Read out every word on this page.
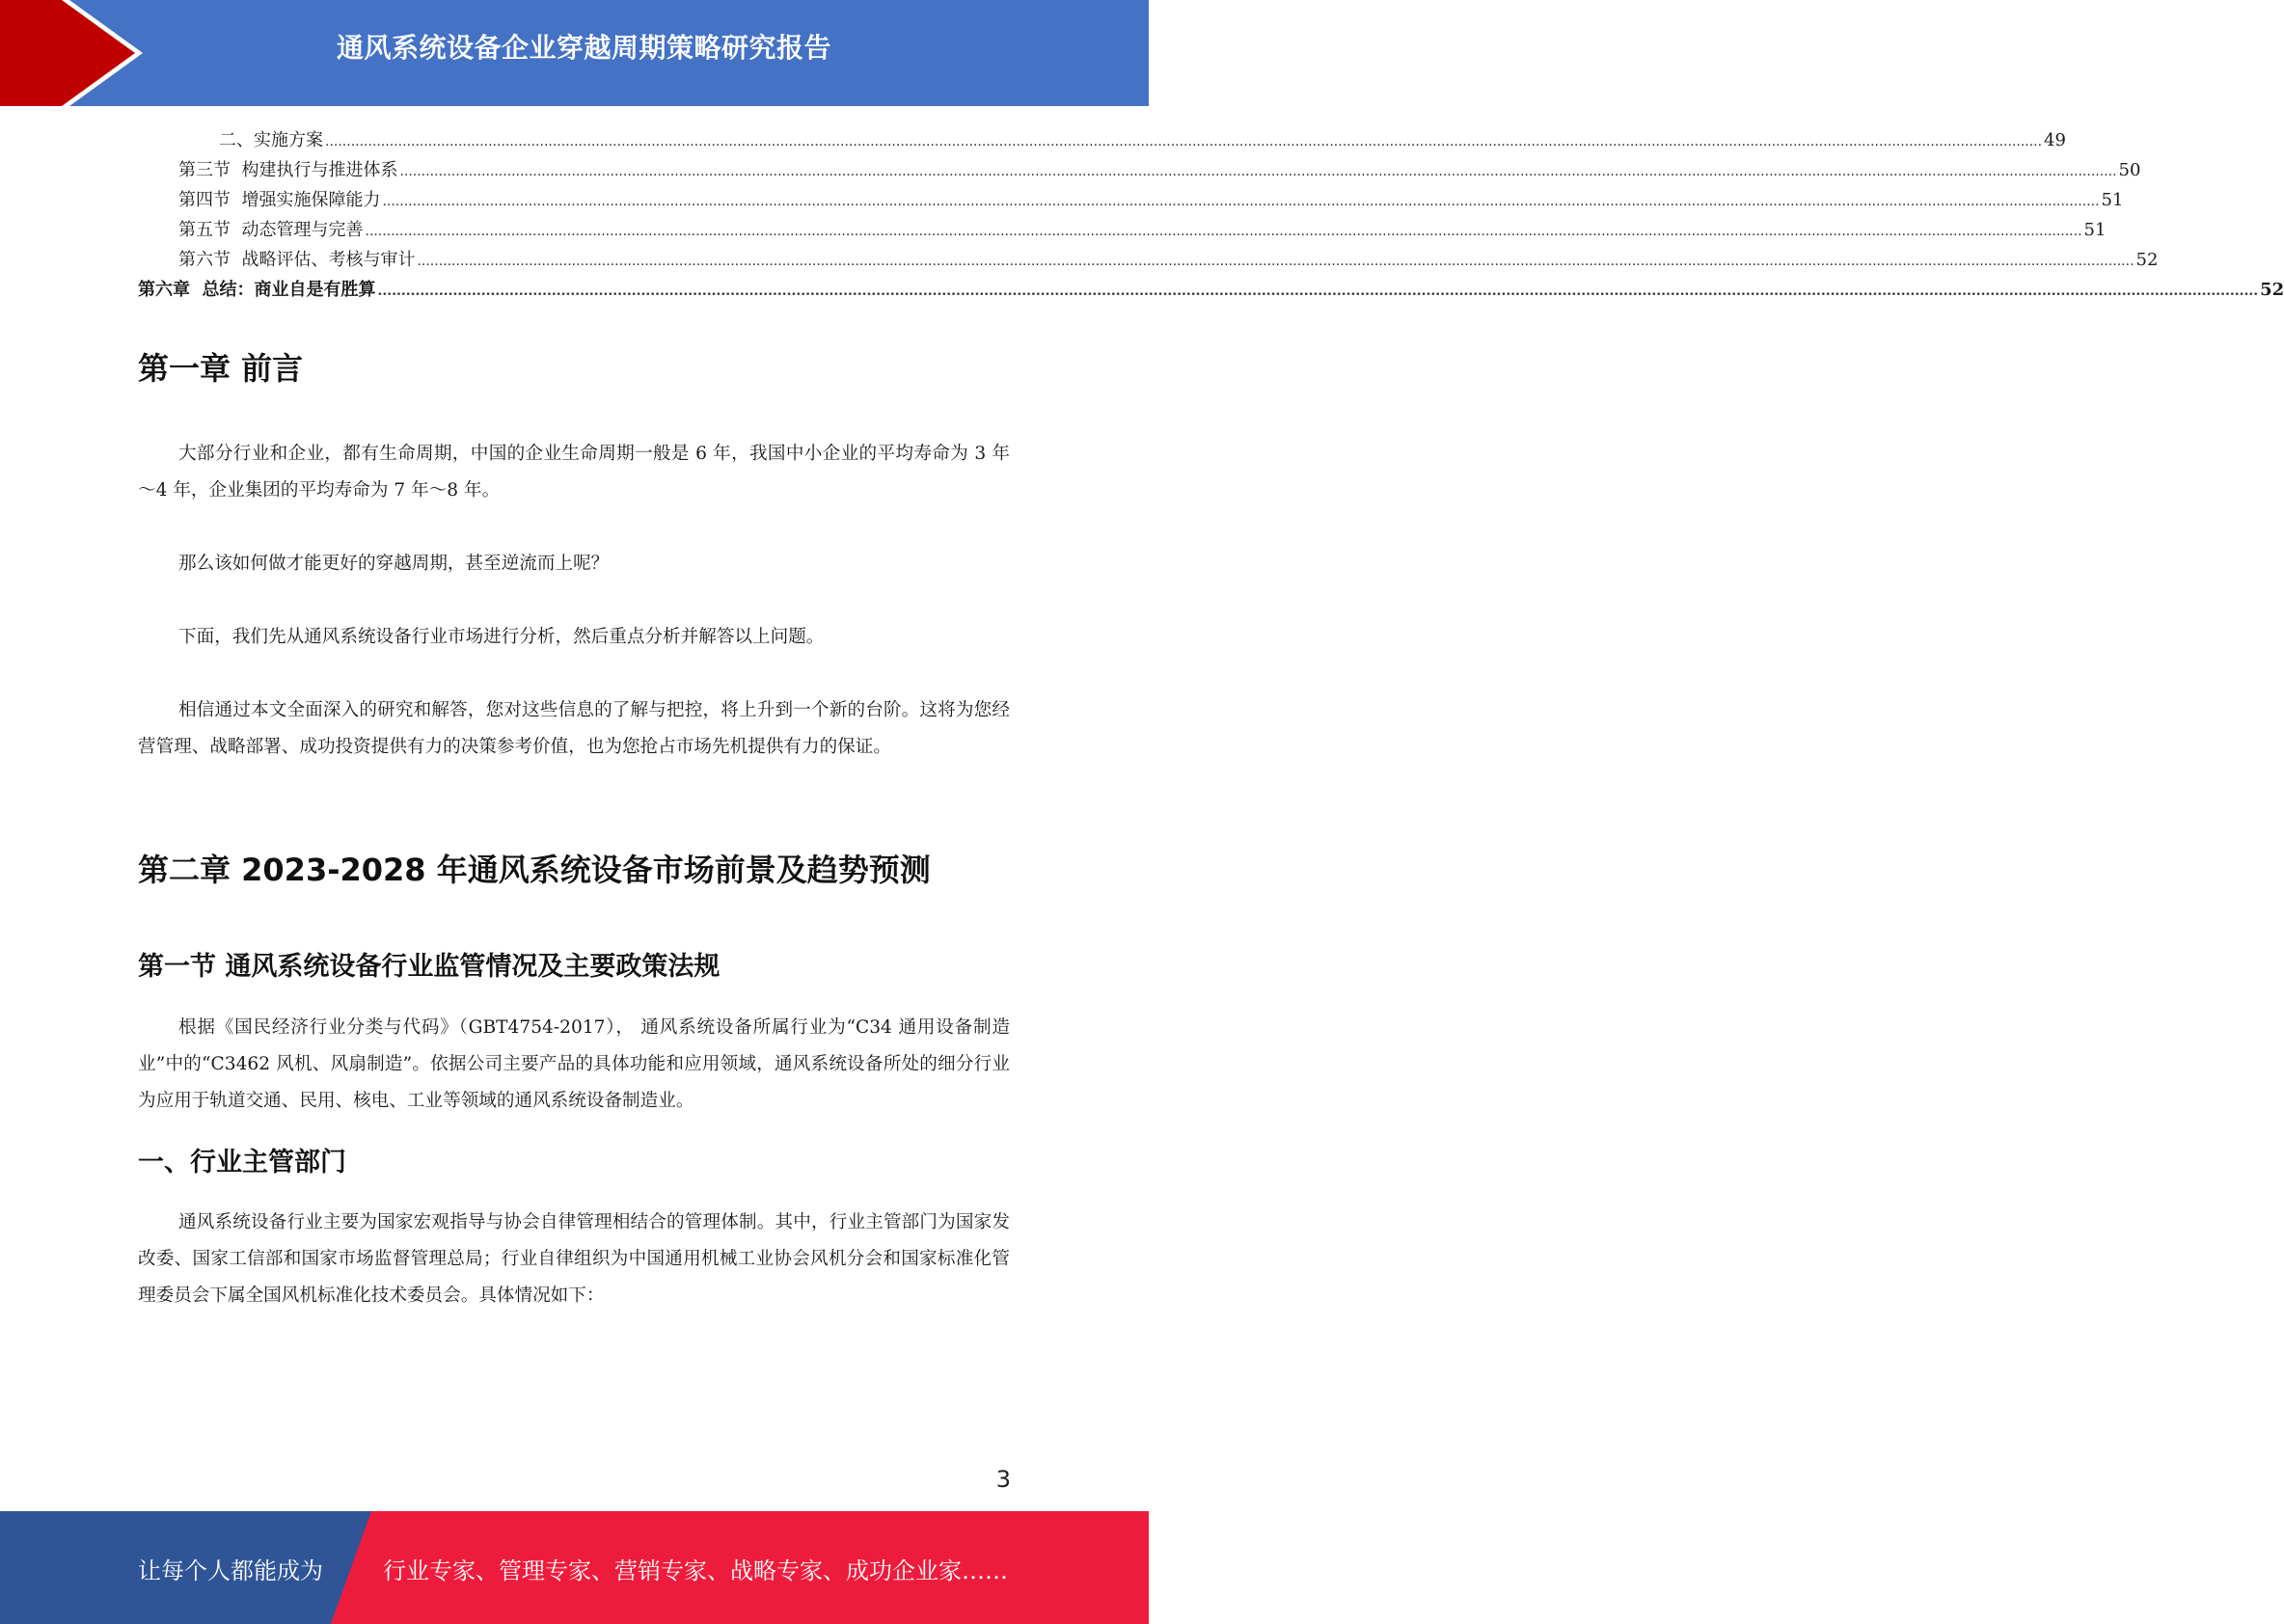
通风系统设备企业穿越周期策略研究报告
二、实施方案 ................................................................................................................................................................................................................................................................................................................................................................................................................ 49
第三节  构建执行与推进体系 ................................................................................................................................................................................................................................................................................................................................................................................................................ 50
第四节  增强实施保障能力 ................................................................................................................................................................................................................................................................................................................................................................................................................ 51
第五节  动态管理与完善 ................................................................................................................................................................................................................................................................................................................................................................................................................ 51
第六节  战略评估、考核与审计 ................................................................................................................................................................................................................................................................................................................................................................................................................ 52
第六章  总结：商业自是有胜算 ................................................................................................................................................................................................................................................................................................................................................................................................................ 52
第一章 前言

大部分行业和企业，都有生命周期，中国的企业生命周期一般是 6 年，我国中小企业的平均寿命为 3 年～4 年，企业集团的平均寿命为 7 年～8 年。

那么该如何做才能更好的穿越周期，甚至逆流而上呢？

下面，我们先从通风系统设备行业市场进行分析，然后重点分析并解答以上问题。

相信通过本文全面深入的研究和解答，您对这些信息的了解与把控，将上升到一个新的台阶。这将为您经营管理、战略部署、成功投资提供有力的决策参考价值，也为您抢占市场先机提供有力的保证。

第二章 2023-2028 年通风系统设备市场前景及趋势预测
第一节 通风系统设备行业监管情况及主要政策法规

根据《国民经济行业分类与代码》（GBT4754-2017）， 通风系统设备所属行业为“C34 通用设备制造业”中的“C3462 风机、风扇制造”。依据公司主要产品的具体功能和应用领域，通风系统设备所处的细分行业为应用于轨道交通、民用、核电、工业等领域的通风系统设备制造业。

一、行业主管部门

通风系统设备行业主要为国家宏观指导与协会自律管理相结合的管理体制。其中，行业主管部门为国家发改委、国家工信部和国家市场监督管理总局；行业自律组织为中国通用机械工业协会风机分会和国家标准化管理委员会下属全国风机标准化技术委员会。具体情况如下：

3
让每个人都能成为	行业专家、管理专家、营销专家、战略专家、成功企业家……
